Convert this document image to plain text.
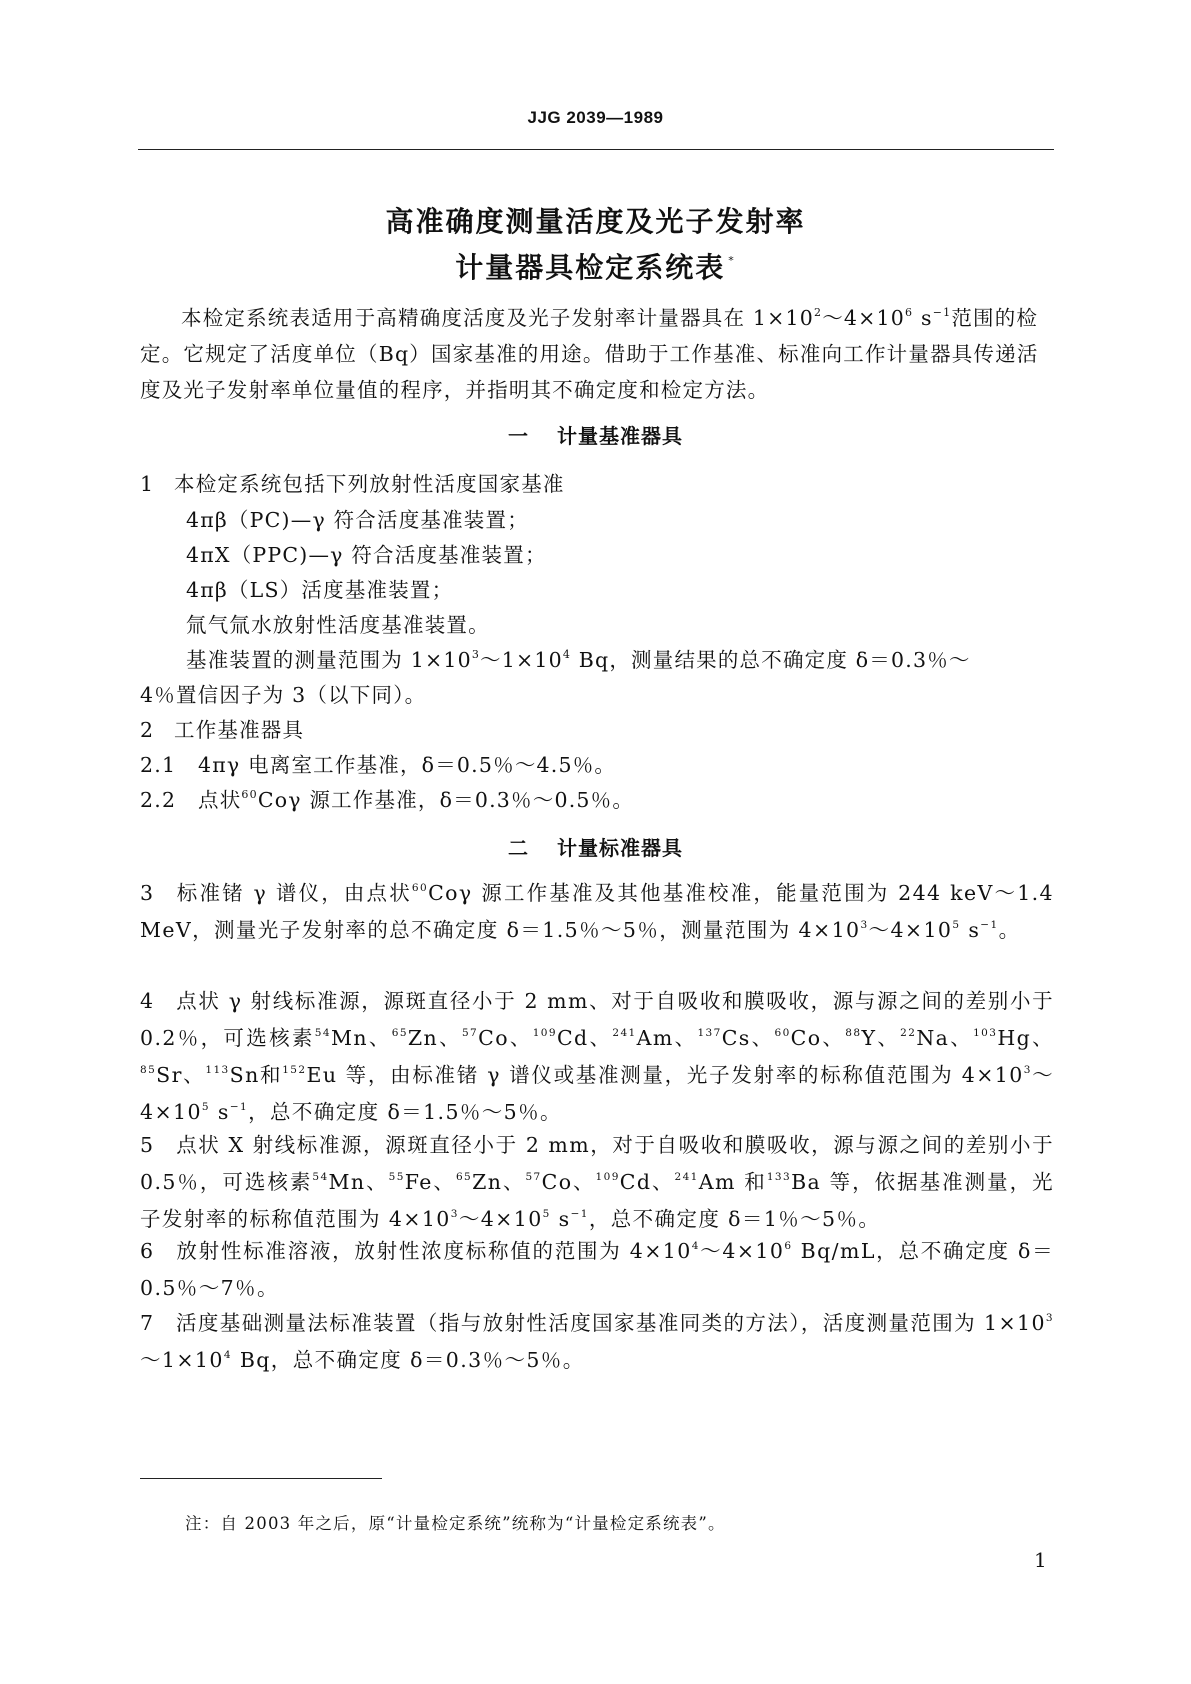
JJG 2039—1989
高准确度测量活度及光子发射率
计量器具检定系统表 *
本检定系统表适用于高精确度活度及光子发射率计量器具在 $1\times 10^2\sim 4\times 10^6$ $s^{-1}$范围的检定。它规定了活度单位（Bq）国家基准的用途。借助于工作基准、标准向工作计量器具传递活度及光子发射率单位量值的程序，并指明其不确定度和检定方法。
一 计量基准器具
1 本检定系统包括下列放射性活度国家基准
4πβ（PC)—γ 符合活度基准装置；
4πX（PPC)—γ 符合活度基准装置；
4πβ（LS）活度基准装置；
氚气氚水放射性活度基准装置。
基准装置的测量范围为 $1\times 10^3\sim 1\times 10^4$ Bq，测量结果的总不确定度 δ＝0.3％～
4％置信因子为 3（以下同）。
2 工作基准器具
2.1 4πγ 电离室工作基准，δ＝0.5％～4.5％。
2.2 点状$^{60}$Coγ 源工作基准，δ＝0.3％～0.5％。
二 计量标准器具
3 标准锗 γ 谱仪，由点状$^{60}$Coγ 源工作基准及其他基准校准，能量范围为 244 keV～1.4 MeV，测量光子发射率的总不确定度 δ＝1.5％～5％，测量范围为 $4\times 10^3\sim 4\times 10^5$ $s^{-1}$。
4 点状 γ 射线标准源，源斑直径小于 2 mm、对于自吸收和膜吸收，源与源之间的差别小于 0.2％，可选核素$^{54}$Mn、$^{65}$Zn、$^{57}$Co、$^{109}$Cd、$^{241}$Am、$^{137}$Cs、$^{60}$Co、$^{88}$Y、$^{22}$Na、$^{103}$Hg、$^{85}$Sr、$^{113}$Sn和$^{152}$Eu 等，由标准锗 γ 谱仪或基准测量，光子发射率的标称值范围为 $4\times 10^3\sim 4\times 10^5$ $s^{-1}$，总不确定度 δ＝1.5％～5％。
5 点状 X 射线标准源，源斑直径小于 2 mm，对于自吸收和膜吸收，源与源之间的差别小于 0.5％，可选核素$^{54}$Mn、$^{55}$Fe、$^{65}$Zn、$^{57}$Co、$^{109}$Cd、$^{241}$Am 和$^{133}$Ba 等，依据基准测量，光子发射率的标称值范围为 $4\times 10^3\sim 4\times 10^5$ $s^{-1}$，总不确定度 δ＝1％～5％。
6 放射性标准溶液，放射性浓度标称值的范围为 $4\times 10^4\sim 4\times 10^6$ Bq/mL，总不确定度 δ＝0.5％～7％。
7 活度基础测量法标准装置（指与放射性活度国家基准同类的方法），活度测量范围为 $1\times 10^3\sim 1\times 10^4$ Bq，总不确定度 δ＝0.3％～5％。
注：自 2003 年之后，原“计量检定系统”统称为“计量检定系统表”。
1
